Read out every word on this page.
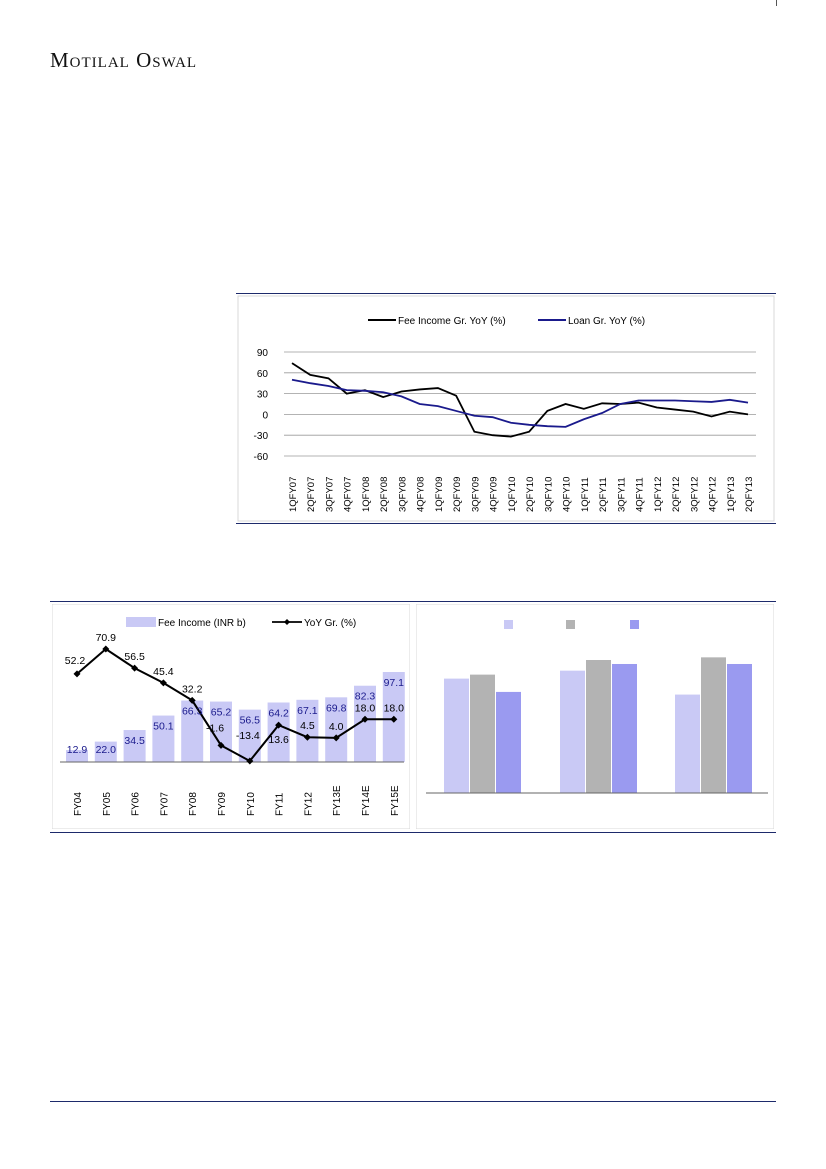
Motilal Oswal
90
60
30
0
-30
-60
1QFY07 2QFY07 3QFY07 4QFY07 1QFY08 2QFY08 3QFY08 4QFY08 1QFY09 2QFY09 3QFY09 4QFY09 1QFY10 2QFY10 3QFY10 4QFY10 1QFY11 2QFY11 3QFY11 4QFY11 1QFY12 2QFY12 3QFY12 4QFY12 1QFY13 2QFY13
Fee Income Gr. YoY (%)	Loan Gr. YoY (%)
12.9 22.0
34.5
50.1
66.3 65.2
56.5
64.2 67.1 69.8
82.3
97.1
52.2
70.9
56.5
45.4
32.2
-1.6
-13.4 13.6
4.5 4.0
18.0 18.0
FY04 FY05 FY06 FY07 FY08 FY09 FY10 FY11 FY12 FY13E FY14E FY15E
Fee Income (INR b)	YoY Gr. (%)
